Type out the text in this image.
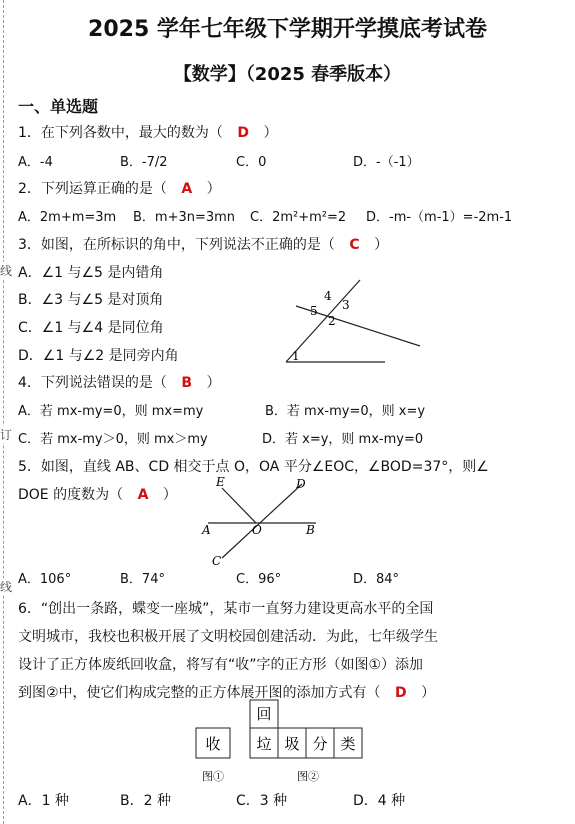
线
订
线
2025 学年七年级下学期开学摸底考试卷
【数学】（2025 春季版本）
一、单选题
1．在下列各数中，最大的数为（ D ）
A．-4	B．-7/2	C．0	D．-（-1）
2．下列运算正确的是（ A ）
A．2m+m=3m B．m+3n=3mn C．2m²+m²=2 D．-m-（m-1）=-2m-1
3．如图，在所标识的角中，下列说法不正确的是（ C ）
A．∠1 与∠5 是内错角
B．∠3 与∠5 是对顶角
C．∠1 与∠4 是同位角
D．∠1 与∠2 是同旁内角	1
2
3
4
5
4．下列说法错误的是（ B ）
A．若 mx-my=0，则 mx=my	B．若 mx-my=0，则 x=y
C．若 mx-my＞0，则 mx＞my	D．若 x=y，则 mx-my=0
5．如图，直线 AB、CD 相交于点 O，OA 平分∠EOC，∠BOD=37°，则∠
DOE 的度数为（ A ）
E	D
A	O	B
C
A．106°	B．74°	C．96°	D．84°
6．“创出一条路，蝶变一座城”，某市一直努力建设更高水平的全国
文明城市，我校也积极开展了文明校园创建活动．为此，七年级学生
设计了正方体废纸回收盒，将写有“收”字的正方形（如图①）添加
到图②中，使它们构成完整的正方体展开图的添加方式有（ D ）
收
回
垃 圾 分 类
图①	图②
A．1 种	B．2 种	C．3 种	D．4 种
